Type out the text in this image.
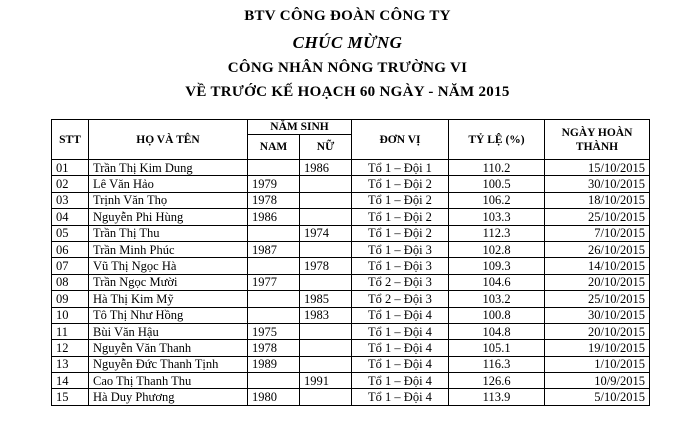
BTV CÔNG ĐOÀN CÔNG TY
CHÚC MỪNG
CÔNG NHÂN NÔNG TRƯỜNG VI
VỀ TRƯỚC KẾ HOẠCH 60 NGÀY - NĂM 2015
STT	HỌ VÀ TÊN	NĂM SINH		ĐƠN VỊ	TỶ LỆ (%)	NGÀY HOÀN
THÀNH

		NAM	NỮ			
01	Trần Thị Kim Dung		1986	Tổ 1 – Đội 1	110.2	15/10/2015
02	Lê Văn Hảo	1979		Tổ 1 – Đội 2	100.5	30/10/2015
03	Trịnh Văn Thọ	1978		Tổ 1 – Đội 2	106.2	18/10/2015
04	Nguyễn Phi Hùng	1986		Tổ 1 – Đội 2	103.3	25/10/2015
05	Trần Thị Thu		1974	Tổ 1 – Đội 2	112.3	7/10/2015
06	Trần Minh Phúc	1987		Tổ 1 – Đội 3	102.8	26/10/2015
07	Vũ Thị Ngọc Hà		1978	Tổ 1 – Đội 3	109.3	14/10/2015
08	Trần Ngọc Mười	1977		Tổ 2 – Đội 3	104.6	20/10/2015
09	Hà Thị Kim Mỹ		1985	Tổ 2 – Đội 3	103.2	25/10/2015
10	Tô Thị Như Hồng		1983	Tổ 1 – Đội 4	100.8	30/10/2015
11	Bùi Văn Hậu	1975		Tổ 1 – Đội 4	104.8	20/10/2015
12	Nguyễn Văn Thanh	1978		Tổ 1 – Đội 4	105.1	19/10/2015
13	Nguyễn Đức Thanh Tịnh	1989		Tổ 1 – Đội 4	116.3	1/10/2015
14	Cao Thị Thanh Thu		1991	Tổ 1 – Đội 4	126.6	10/9/2015
15	Hà Duy Phương	1980		Tổ 1 – Đội 4	113.9	5/10/2015
